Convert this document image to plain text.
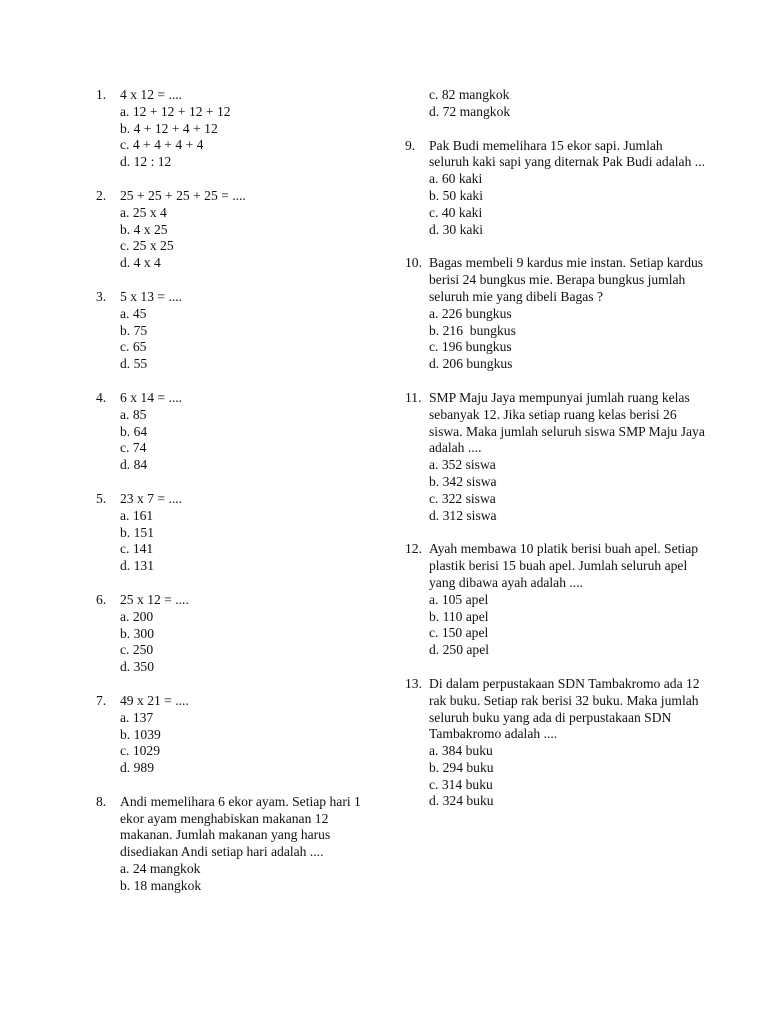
1.	4 x 12 = ....
a. 12 + 12 + 12 + 12
b. 4 + 12 + 4 + 12
c. 4 + 4 + 4 + 4
d. 12 : 12
2.	25 + 25 + 25 + 25 = ....
a. 25 x 4
b. 4 x 25
c. 25 x 25
d. 4 x 4
3.	5 x 13 = ....
a. 45
b. 75
c. 65
d. 55
4.	6 x 14 = ....
a. 85
b. 64
c. 74
d. 84
5.	23 x 7 = ....
a. 161
b. 151
c. 141
d. 131
6.	25 x 12 = ....
a. 200
b. 300
c. 250
d. 350
7.	49 x 21 = ....
a. 137
b. 1039
c. 1029
d. 989
8.	Andi memelihara 6 ekor ayam. Setiap hari 1 ekor ayam menghabiskan makanan 12 makanan. Jumlah makanan yang harus disediakan Andi setiap hari adalah ....
a. 24 mangkok
b. 18 mangkok
c. 82 mangkok
d. 72 mangkok
9.	Pak Budi memelihara 15 ekor sapi. Jumlah seluruh kaki sapi yang diternak Pak Budi adalah ...
a. 60 kaki
b. 50 kaki
c. 40 kaki
d. 30 kaki
10. Bagas membeli 9 kardus mie instan. Setiap kardus berisi 24 bungkus mie. Berapa bungkus jumlah seluruh mie yang dibeli Bagas ?
a. 226 bungkus
b. 216  bungkus
c. 196 bungkus
d. 206 bungkus
11. SMP Maju Jaya mempunyai jumlah ruang kelas sebanyak 12. Jika setiap ruang kelas berisi 26 siswa. Maka jumlah seluruh siswa SMP Maju Jaya adalah ....
a. 352 siswa
b. 342 siswa
c. 322 siswa
d. 312 siswa
12. Ayah membawa 10 platik berisi buah apel. Setiap plastik berisi 15 buah apel. Jumlah seluruh apel yang dibawa ayah adalah ....
a. 105 apel
b. 110 apel
c. 150 apel
d. 250 apel
13. Di dalam perpustakaan SDN Tambakromo ada 12 rak buku. Setiap rak berisi 32 buku. Maka jumlah seluruh buku yang ada di perpustakaan SDN Tambakromo adalah ....
a. 384 buku
b. 294 buku
c. 314 buku
d. 324 buku
